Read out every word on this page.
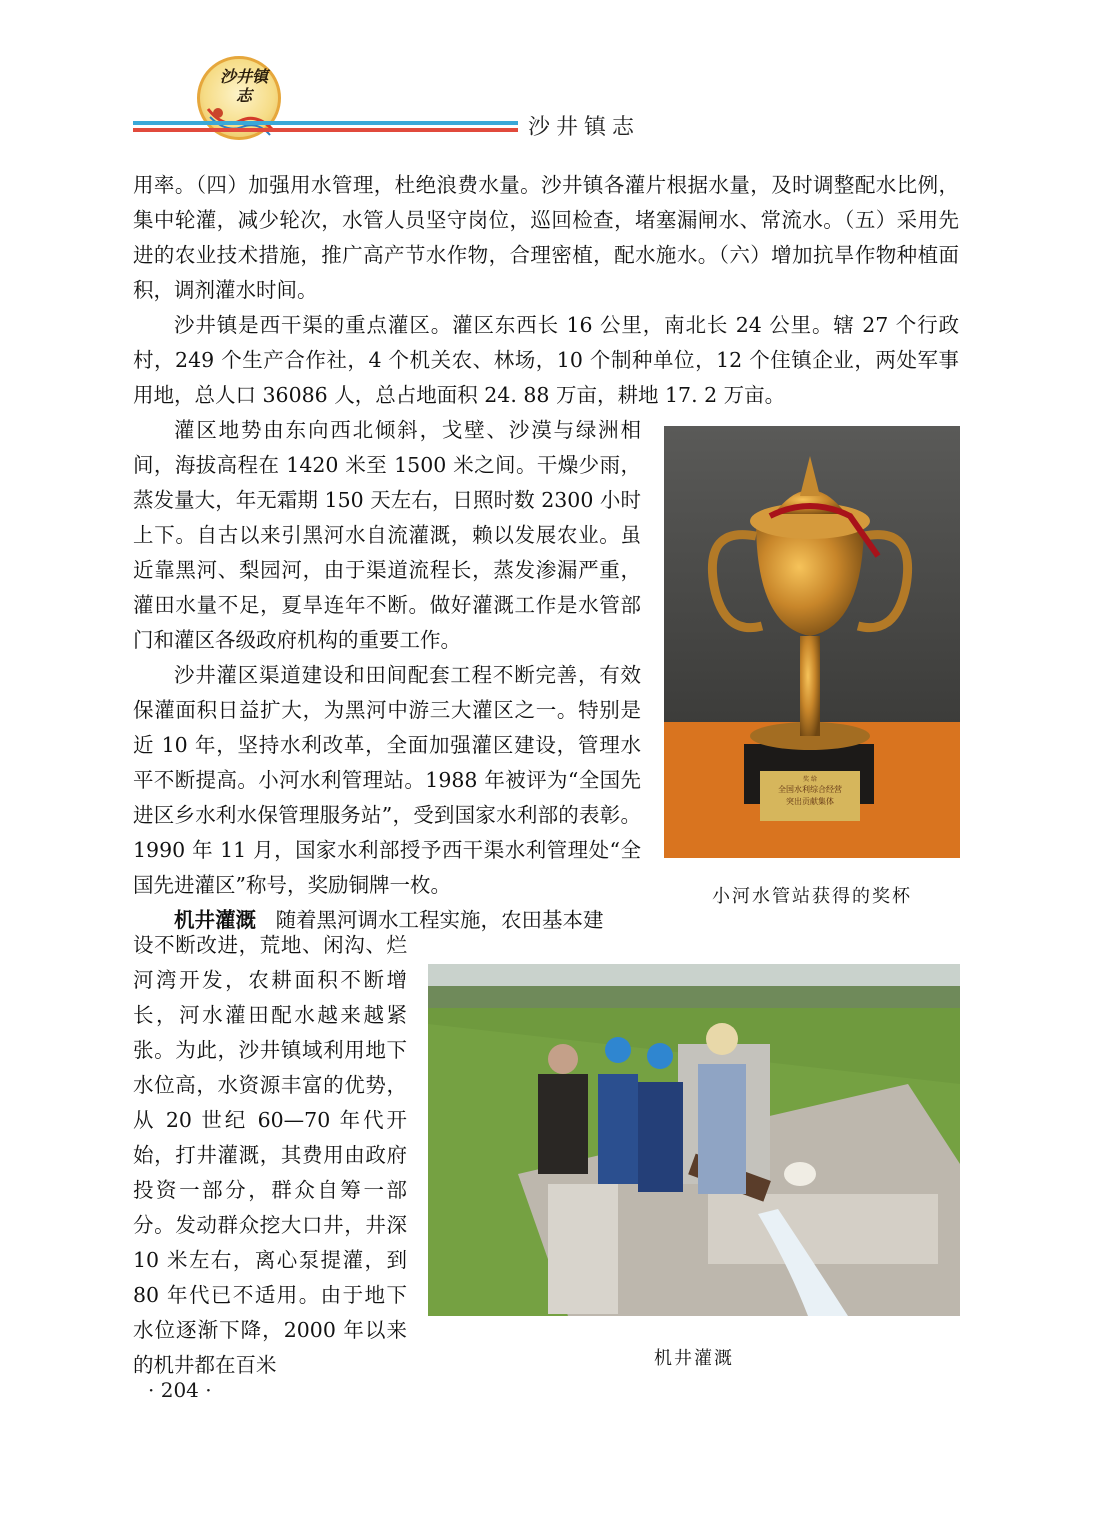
沙井镇志
沙井镇志

用率。（四）加强用水管理，杜绝浪费水量。沙井镇各灌片根据水量，及时调整配水比例，集中轮灌，减少轮次，水管人员坚守岗位，巡回检查，堵塞漏闸水、常流水。（五）采用先进的农业技术措施，推广高产节水作物，合理密植，配水施水。（六）增加抗旱作物种植面积，调剂灌水时间。

沙井镇是西干渠的重点灌区。灌区东西长 16 公里，南北长 24 公里。辖 27 个行政村，249 个生产合作社，4 个机关农、林场，10 个制种单位，12 个住镇企业，两处军事用地，总人口 36086 人，总占地面积 24. 88 万亩，耕地 17. 2 万亩。

灌区地势由东向西北倾斜，戈壁、沙漠与绿洲相间，海拔高程在 1420 米至 1500 米之间。干燥少雨，蒸发量大，年无霜期 150 天左右，日照时数 2300 小时上下。自古以来引黑河水自流灌溉，赖以发展农业。虽近靠黑河、梨园河，由于渠道流程长，蒸发渗漏严重，灌田水量不足，夏旱连年不断。做好灌溉工作是水管部门和灌区各级政府机构的重要工作。

沙井灌区渠道建设和田间配套工程不断完善，有效保灌面积日益扩大，为黑河中游三大灌区之一。特别是近 10 年，坚持水利改革，全面加强灌区建设，管理水平不断提高。小河水利管理站。1988 年被评为“全国先进区乡水利水保管理服务站”，受到国家水利部的表彰。1990 年 11 月，国家水利部授予西干渠水利管理处“全国先进灌区”称号，奖励铜牌一枚。

机井灌溉 随着黑河调水工程实施，农田基本建

设不断改进，荒地、闲沟、烂河湾开发，农耕面积不断增长，河水灌田配水越来越紧张。为此，沙井镇域利用地下水位高，水资源丰富的优势，从 20 世纪 60—70 年代开始，打井灌溉，其费用由政府投资一部分，群众自筹一部分。发动群众挖大口井，井深 10 米左右，离心泵提灌，到 80 年代已不适用。由于地下水位逐渐下降，2000 年以来的机井都在百米

奖 给
全国水利综合经营
突出贡献集体
小河水管站获得的奖杯
机井灌溉
· 204 ·
